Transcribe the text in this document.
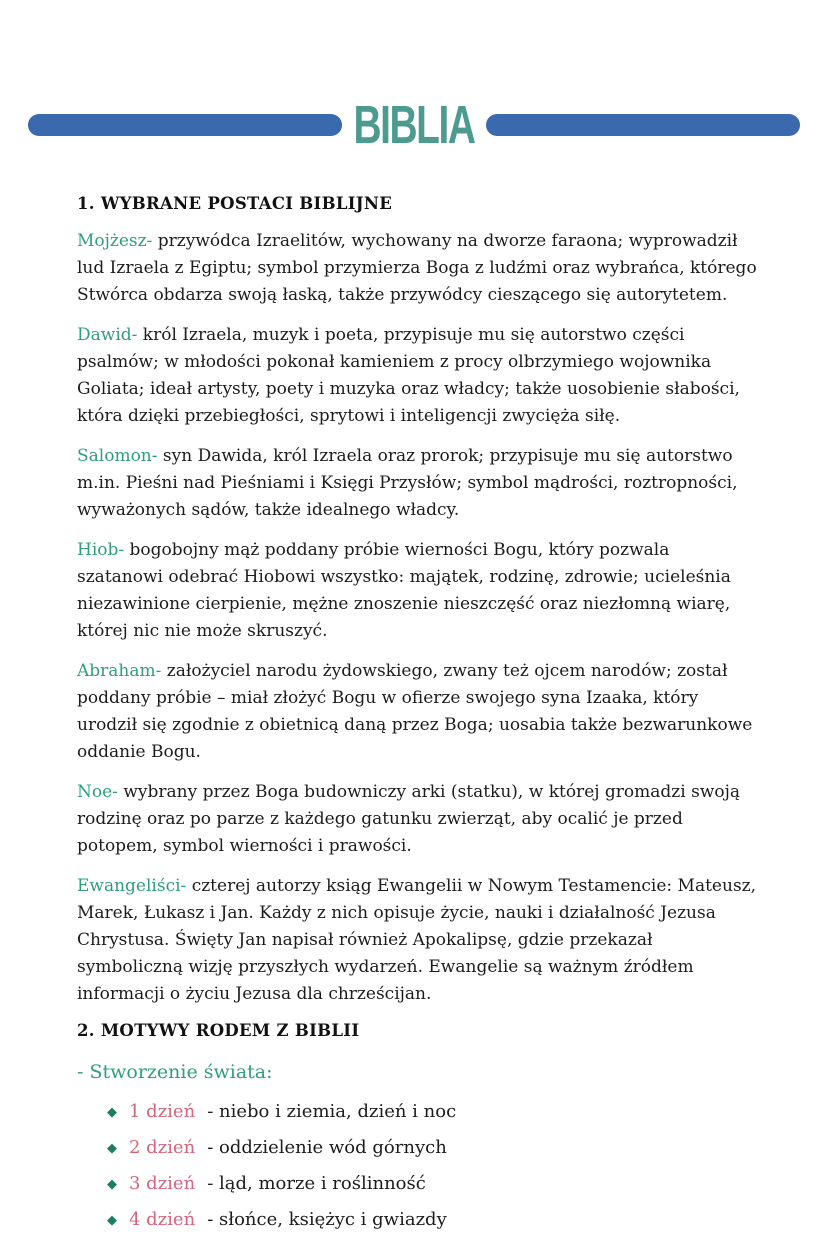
BIBLIA
1. WYBRANE POSTACI BIBLIJNE

Mojżesz- przywódca Izraelitów, wychowany na dworze faraona; wyprowadził lud Izraela z Egiptu; symbol przymierza Boga z ludźmi oraz wybrańca, którego Stwórca obdarza swoją łaską, także przywódcy cieszącego się autorytetem.

Dawid- król Izraela, muzyk i poeta, przypisuje mu się autorstwo części psalmów; w młodości pokonał kamieniem z procy olbrzymiego wojownika Goliata; ideał artysty, poety i muzyka oraz władcy; także uosobienie słabości, która dzięki przebiegłości, sprytowi i inteligencji zwycięża siłę.

Salomon- syn Dawida, król Izraela oraz prorok; przypisuje mu się autorstwo m.in. Pieśni nad Pieśniami i Księgi Przysłów; symbol mądrości, roztropności, wyważonych sądów, także idealnego władcy.

Hiob- bogobojny mąż poddany próbie wierności Bogu, który pozwala szatanowi odebrać Hiobowi wszystko: majątek, rodzinę, zdrowie; ucieleśnia niezawinione cierpienie, mężne znoszenie nieszczęść oraz niezłomną wiarę, której nic nie może skruszyć.

Abraham- założyciel narodu żydowskiego, zwany też ojcem narodów; został poddany próbie – miał złożyć Bogu w ofierze swojego syna Izaaka, który urodził się zgodnie z obietnicą daną przez Boga; uosabia także bezwarunkowe oddanie Bogu.

Noe- wybrany przez Boga budowniczy arki (statku), w której gromadzi swoją rodzinę oraz po parze z każdego gatunku zwierząt, aby ocalić je przed potopem, symbol wierności i prawości.

Ewangeliści- czterej autorzy ksiąg Ewangelii w Nowym Testamencie: Mateusz, Marek, Łukasz i Jan. Każdy z nich opisuje życie, nauki i działalność Jezusa Chrystusa. Święty Jan napisał również Apokalipsę, gdzie przekazał symboliczną wizję przyszłych wydarzeń. Ewangelie są ważnym źródłem informacji o życiu Jezusa dla chrześcijan.

2. MOTYWY RODEM Z BIBLII

- Stworzenie świata:

◆ 1 dzień - niebo i ziemia, dzień i noc
◆ 2 dzień - oddzielenie wód górnych
◆ 3 dzień - ląd, morze i roślinność
◆ 4 dzień - słońce, księżyc i gwiazdy
